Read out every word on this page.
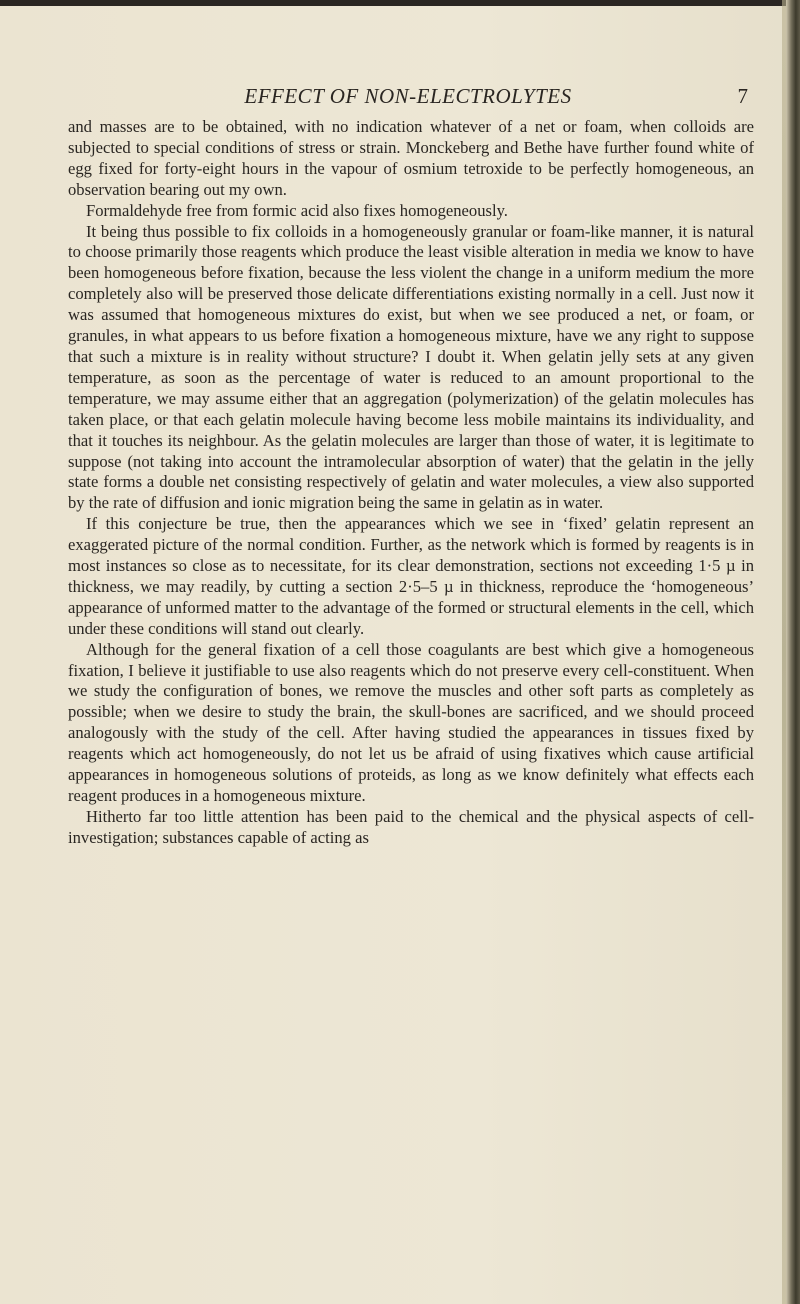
EFFECT OF NON-ELECTROLYTES	7

and masses are to be obtained, with no indication whatever of a net or foam, when colloids are subjected to special conditions of stress or strain. Monckeberg and Bethe have further found white of egg fixed for forty-eight hours in the vapour of osmium tetroxide to be perfectly homogeneous, an observation bearing out my own.

Formaldehyde free from formic acid also fixes homogeneously.

It being thus possible to fix colloids in a homogeneously granular or foam-like manner, it is natural to choose primarily those reagents which produce the least visible alteration in media we know to have been homogeneous before fixation, because the less violent the change in a uniform medium the more completely also will be preserved those delicate differentiations existing normally in a cell. Just now it was assumed that homogeneous mixtures do exist, but when we see produced a net, or foam, or granules, in what appears to us before fixation a homogeneous mixture, have we any right to suppose that such a mixture is in reality without structure? I doubt it. When gelatin jelly sets at any given temperature, as soon as the percentage of water is reduced to an amount proportional to the temperature, we may assume either that an aggregation (polymerization) of the gelatin molecules has taken place, or that each gelatin molecule having become less mobile maintains its individuality, and that it touches its neighbour. As the gelatin molecules are larger than those of water, it is legitimate to suppose (not taking into account the intramolecular absorption of water) that the gelatin in the jelly state forms a double net consisting respectively of gelatin and water molecules, a view also supported by the rate of diffusion and ionic migration being the same in gelatin as in water.

If this conjecture be true, then the appearances which we see in ‘fixed’ gelatin represent an exaggerated picture of the normal condition. Further, as the network which is formed by reagents is in most instances so close as to necessitate, for its clear demonstration, sections not exceeding 1·5 µ in thickness, we may readily, by cutting a section 2·5–5 µ in thickness, reproduce the ‘homogeneous’ appearance of unformed matter to the advantage of the formed or structural elements in the cell, which under these conditions will stand out clearly.

Although for the general fixation of a cell those coagulants are best which give a homogeneous fixation, I believe it justifiable to use also reagents which do not preserve every cell-constituent. When we study the configuration of bones, we remove the muscles and other soft parts as completely as possible; when we desire to study the brain, the skull-bones are sacrificed, and we should proceed analogously with the study of the cell. After having studied the appearances in tissues fixed by reagents which act homogeneously, do not let us be afraid of using fixatives which cause artificial appearances in homogeneous solutions of proteids, as long as we know definitely what effects each reagent produces in a homogeneous mixture.

Hitherto far too little attention has been paid to the chemical and the physical aspects of cell-investigation; substances capable of acting as
